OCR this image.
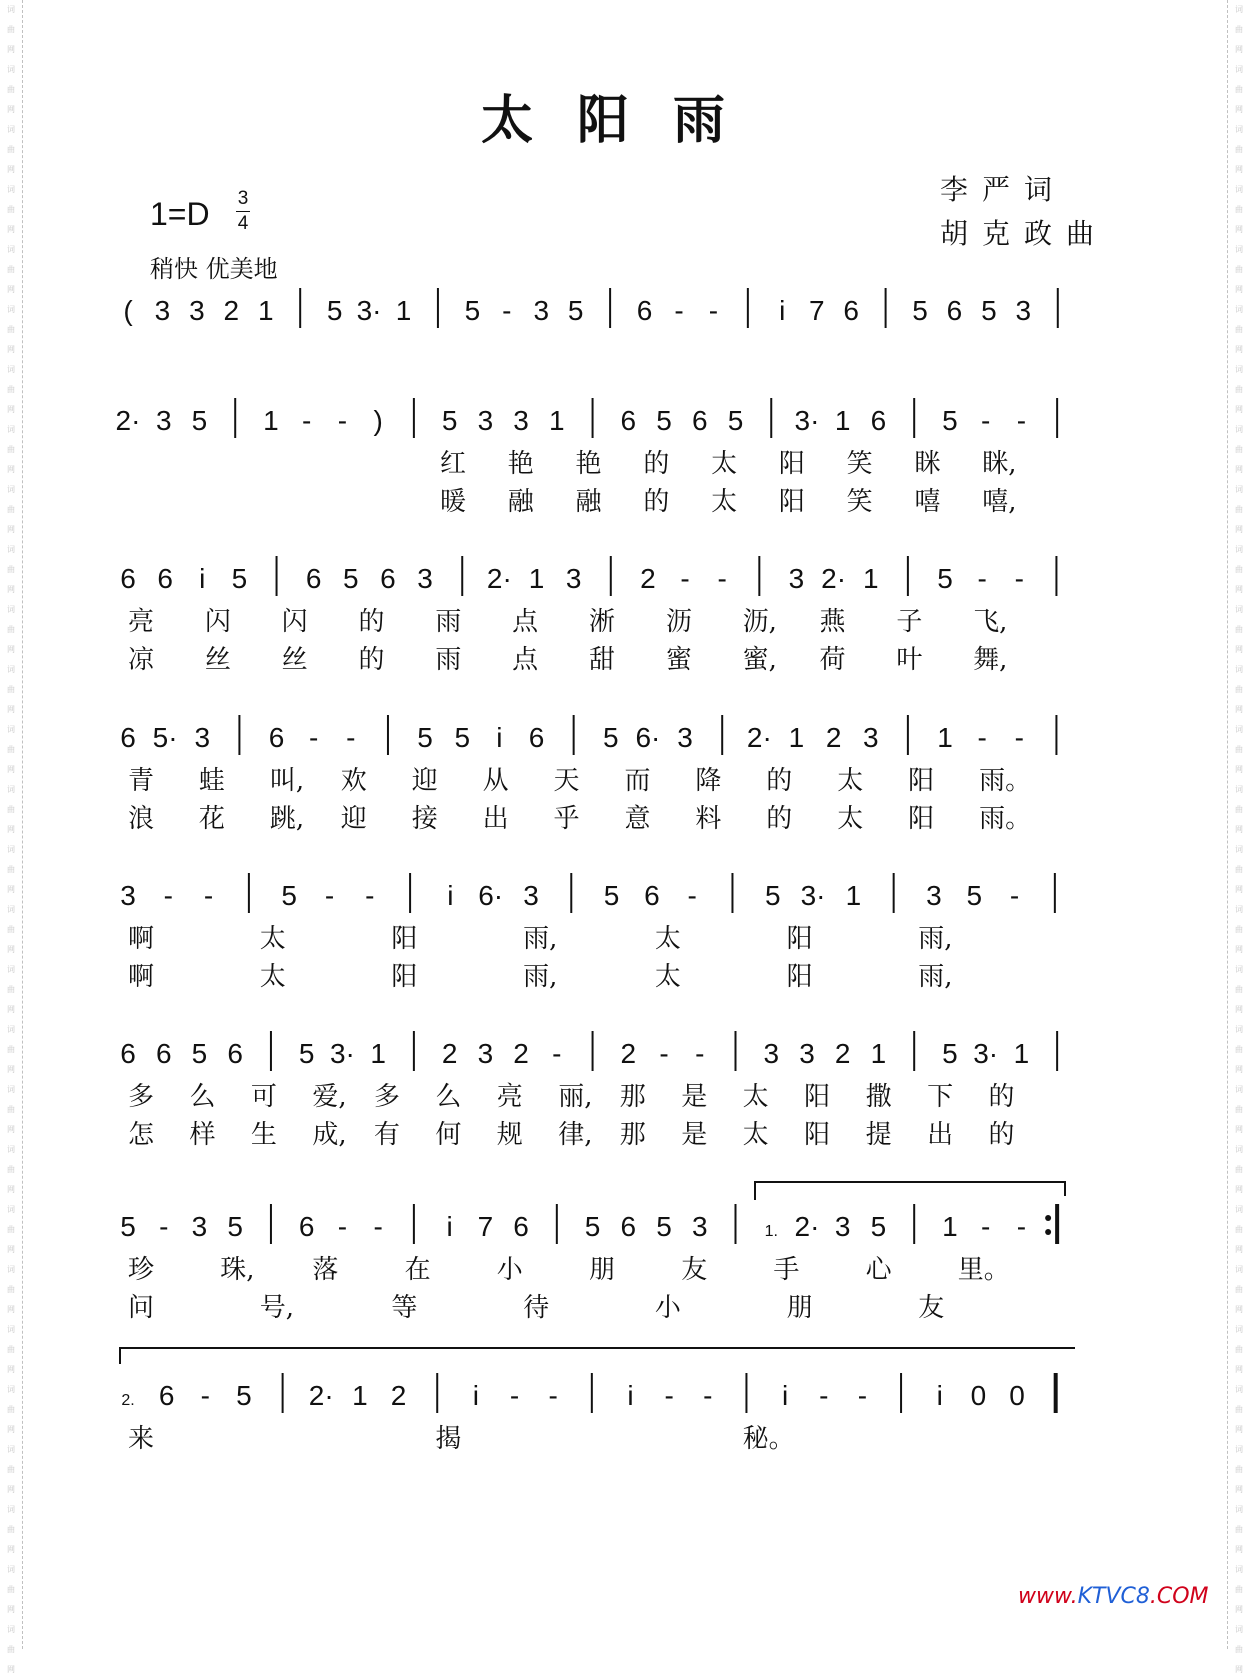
词
曲
网
词
曲
网
词
曲
网
词
曲
网
词
曲
网
词
曲
网
词
曲
网
词
曲
网
词
曲
网
词
曲
网
词
曲
网
词
曲
网
词
曲
网
词
曲
网
词
曲
网
词
曲
网
词
曲
网
词
曲
网
词
曲
网
词
曲
网
词
曲
网
词
曲
网
词
曲
网
词
曲
网
词
曲
网
词
曲
网
词
曲
网
词
曲
网
词
曲
网
词
曲
网
词
曲
网
词
曲
网
词
曲
网
词
曲
网
词
曲
网
词
曲
网
词
曲
网
词
曲
网
词
曲
网
词
曲
网
词
曲
网
词
曲
网
词
曲
网
词
曲
网
词
曲
网
词
曲
网
词
曲
网
词
曲
网
词
曲
网
词
曲
网
词
曲
网
词
曲
网
词
曲
网
词
曲
网
词
曲
网
词
曲
网
太阳雨
1=D 3
4
稍快 优美地
李严词
胡克政曲
( 3 3 2 1 5 3· 1 5 - 3 5 6 - - i 7 6 5 6 5 3
2· 3 5 1 - - ) 5 3 3 1 6 5 6 5 3· 1 6 5 - -
6 6 i 5 6 5 6 3 2· 1 3 2 - - 3 2· 1 5 - -
6 5· 3 6 - - 5 5 i 6 5 6· 3 2· 1 2 3 1 - -
3 - - 5 - -	i 6· 3 5 6 - 5 3· 1 3 5 -
6 6 5 6 5 3· 1 2 3 2 - 2 - - 3 3 2 1 5 3· 1
5 - 3 5 6 - - i 7 6 5 6 5 3	1. 2· 3 5 1 - -
2. 6 - 5 2· 1 2 i - - i - - i - - i 0 0
红 艳 艳 的 太 阳 笑 眯 眯,
暖 融 融 的 太 阳 笑 嘻 嘻,
亮 闪 闪 的 雨 点 淅 沥 沥, 燕 子 飞,
凉 丝 丝 的 雨 点 甜 蜜 蜜, 荷 叶 舞,
青 蛙 叫, 欢 迎 从 天 而 降 的 太 阳 雨。
浪 花 跳, 迎 接 出 乎 意 料 的 太 阳 雨。
啊	太	阳	雨,	太	阳	雨,
啊	太	阳	雨,	太	阳	雨,
多 么 可 爱, 多 么 亮 丽, 那 是 太 阳 撒 下 的
怎 样 生 成, 有 何 规 律, 那 是 太 阳 提 出 的
珍	珠, 落	在	小	朋	友	手	心	里。
问	号,	等	待	小	朋	友
来	揭	秘。
www.KTVC8.COM
